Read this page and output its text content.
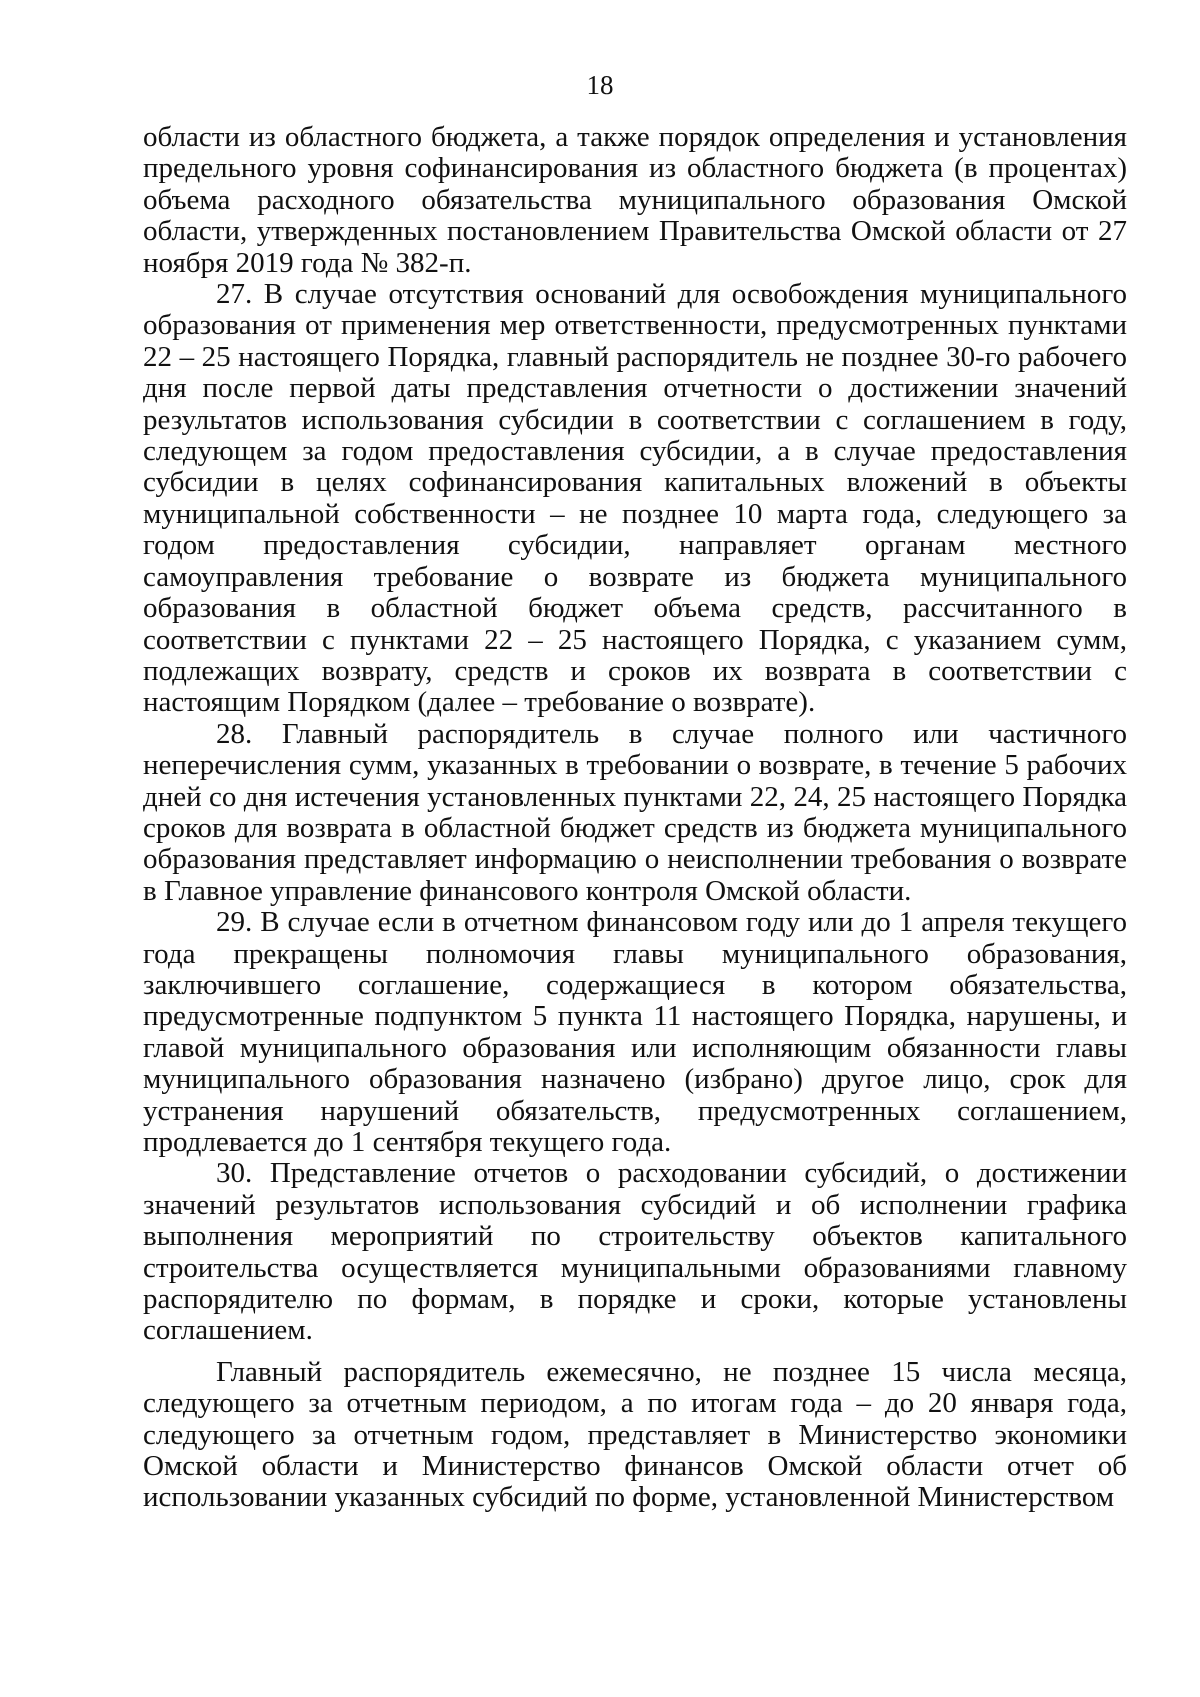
18

области из областного бюджета, а также порядок определения и установления предельного уровня софинансирования из областного бюджета (в процентах) объема расходного обязательства муниципального образования Омской области, утвержденных постановлением Правительства Омской области от 27 ноября 2019 года № 382-п.

27. В случае отсутствия оснований для освобождения муниципального образования от применения мер ответственности, предусмотренных пунктами 22 – 25 настоящего Порядка, главный распорядитель не позднее 30-го рабочего дня после первой даты представления отчетности о достижении значений результатов использования субсидии в соответствии с соглашением в году, следующем за годом предоставления субсидии, а в случае предоставления субсидии в целях софинансирования капитальных вложений в объекты муниципальной собственности – не позднее 10 марта года, следующего за годом предоставления субсидии, направляет органам местного самоуправления требование о возврате из бюджета муниципального образования в областной бюджет объема средств, рассчитанного в соответствии с пунктами 22 – 25 настоящего Порядка, с указанием сумм, подлежащих возврату, средств и сроков их возврата в соответствии с настоящим Порядком (далее – требование о возврате).

28. Главный распорядитель в случае полного или частичного неперечисления сумм, указанных в требовании о возврате, в течение 5 рабочих дней со дня истечения установленных пунктами 22, 24, 25 настоящего Порядка сроков для возврата в областной бюджет средств из бюджета муниципального образования представляет информацию о неисполнении требования о возврате в Главное управление финансового контроля Омской области.

29. В случае если в отчетном финансовом году или до 1 апреля текущего года прекращены полномочия главы муниципального образования, заключившего соглашение, содержащиеся в котором обязательства, предусмотренные подпунктом 5 пункта 11 настоящего Порядка, нарушены, и главой муниципального образования или исполняющим обязанности главы муниципального образования назначено (избрано) другое лицо, срок для устранения нарушений обязательств, предусмотренных соглашением, продлевается до 1 сентября текущего года.

30. Представление отчетов о расходовании субсидий, о достижении значений результатов использования субсидий и об исполнении графика выполнения мероприятий по строительству объектов капитального строительства осуществляется муниципальными образованиями главному распорядителю по формам, в порядке и сроки, которые установлены соглашением.

Главный распорядитель ежемесячно, не позднее 15 числа месяца, следующего за отчетным периодом, а по итогам года – до 20 января года, следующего за отчетным годом, представляет в Министерство экономики Омской области и Министерство финансов Омской области отчет об использовании указанных субсидий по форме, установленной Министерством
